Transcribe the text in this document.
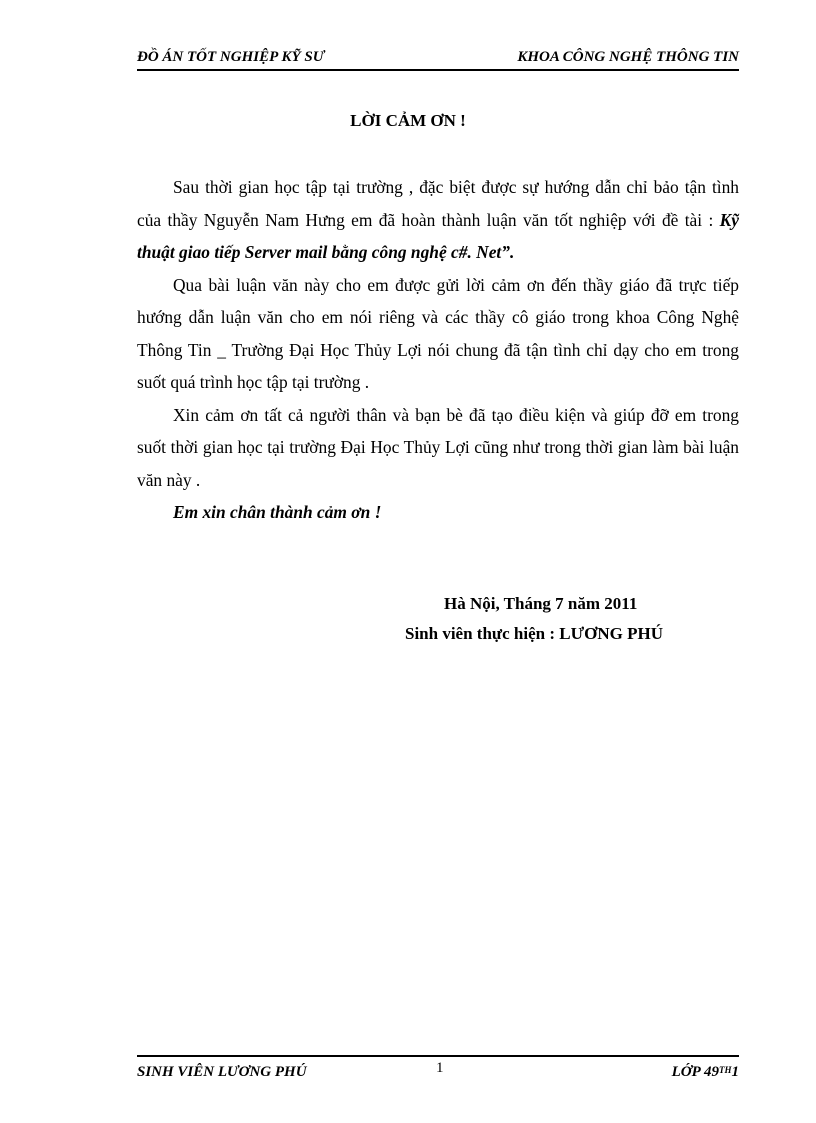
ĐỒ ÁN TỐT NGHIỆP KỸ SƯ	KHOA CÔNG NGHỆ THÔNG TIN
LỜI CẢM ƠN !

Sau thời gian học tập tại trường , đặc biệt được sự hướng dẫn chỉ bảo tận tình của thầy Nguyễn Nam Hưng em đã hoàn thành luận văn tốt nghiệp với đề tài : Kỹ thuật giao tiếp Server mail bằng công nghệ c#. Net”.

Qua bài luận văn này cho em được gửi lời cảm ơn đến thầy giáo đã trực tiếp hướng dẫn luận văn cho em nói riêng và các thầy cô giáo trong khoa Công Nghệ Thông Tin _ Trường Đại Học Thủy Lợi nói chung đã tận tình chỉ dạy cho em trong suốt quá trình học tập tại trường .

Xin cảm ơn tất cả người thân và bạn bè đã tạo điều kiện và giúp đỡ em trong suốt thời gian học tại trường Đại Học Thủy Lợi cũng như trong thời gian làm bài luận văn này .

Em xin chân thành cảm ơn !

Hà Nội, Tháng 7 năm 2011
Sinh viên thực hiện : LƯƠNG PHÚ
SINH VIÊN LƯƠNG PHÚ	1	LỚP 49TH1
